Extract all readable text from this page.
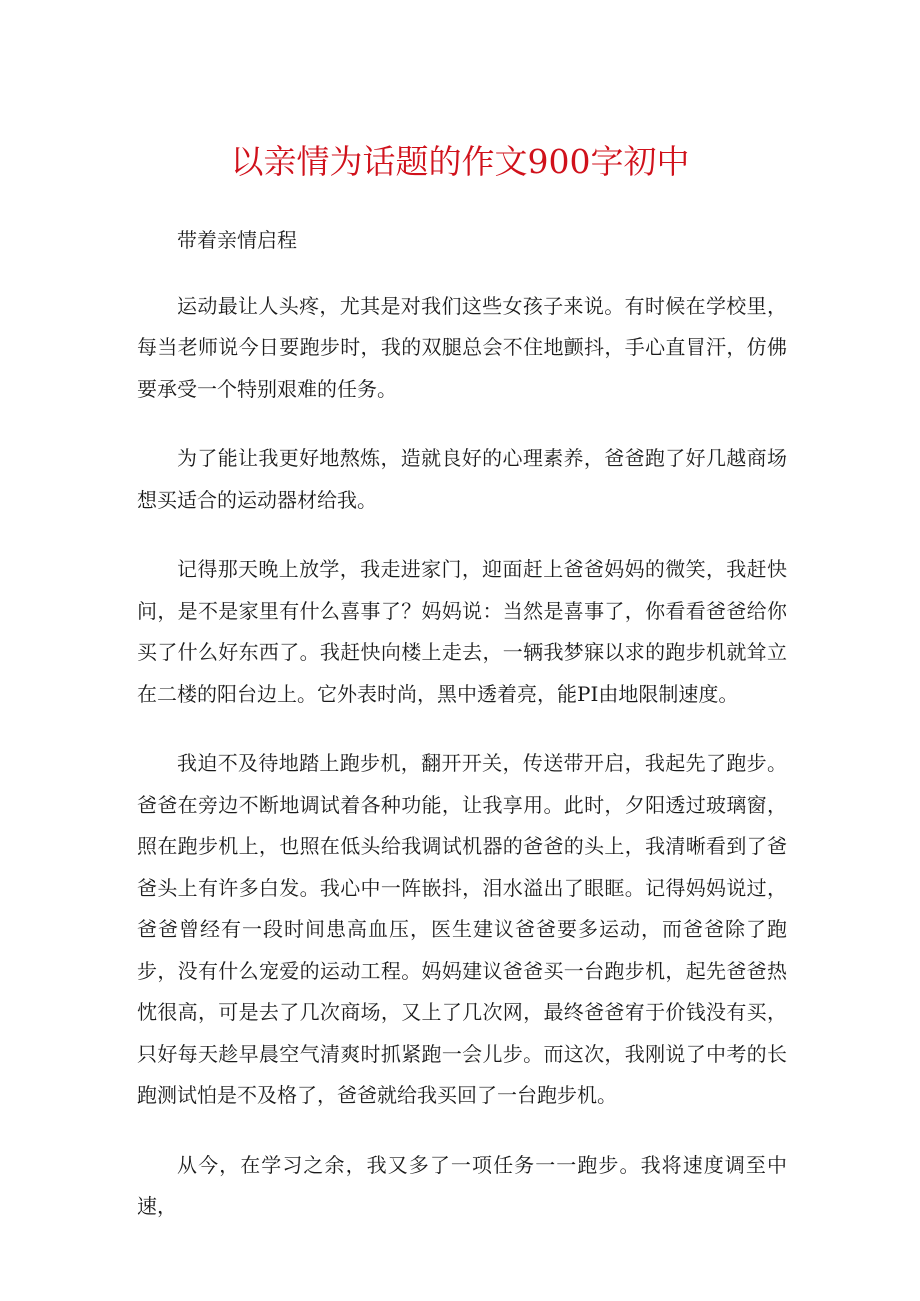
以亲情为话题的作文900字初中

带着亲情启程

运动最让人头疼，尤其是对我们这些女孩子来说。有时候在学校里，每当老师说今日要跑步时，我的双腿总会不住地颤抖，手心直冒汗，仿佛要承受一个特别艰难的任务。

为了能让我更好地熬炼，造就良好的心理素养，爸爸跑了好几越商场想买适合的运动器材给我。

记得那天晚上放学，我走进家门，迎面赶上爸爸妈妈的微笑，我赶快问，是不是家里有什么喜事了？妈妈说：当然是喜事了，你看看爸爸给你买了什么好东西了。我赶快向楼上走去，一辆我梦寐以求的跑步机就耸立在二楼的阳台边上。它外表时尚，黑中透着亮，能PI由地限制速度。

我迫不及待地踏上跑步机，翻开开关，传送带开启，我起先了跑步。爸爸在旁边不断地调试着各种功能，让我享用。此时，夕阳透过玻璃窗，照在跑步机上，也照在低头给我调试机器的爸爸的头上，我清晰看到了爸爸头上有许多白发。我心中一阵嵌抖，泪水溢出了眼眶。记得妈妈说过，爸爸曾经有一段时间患高血压，医生建议爸爸要多运动，而爸爸除了跑步，没有什么宠爱的运动工程。妈妈建议爸爸买一台跑步机，起先爸爸热忱很高，可是去了几次商场，又上了几次网，最终爸爸宥于价钱没有买，只好每天趁早晨空气清爽时抓紧跑一会儿步。而这次，我刚说了中考的长跑测试怕是不及格了，爸爸就给我买回了一台跑步机。

从今，在学习之余，我又多了一项任务一一跑步。我将速度调至中速，
